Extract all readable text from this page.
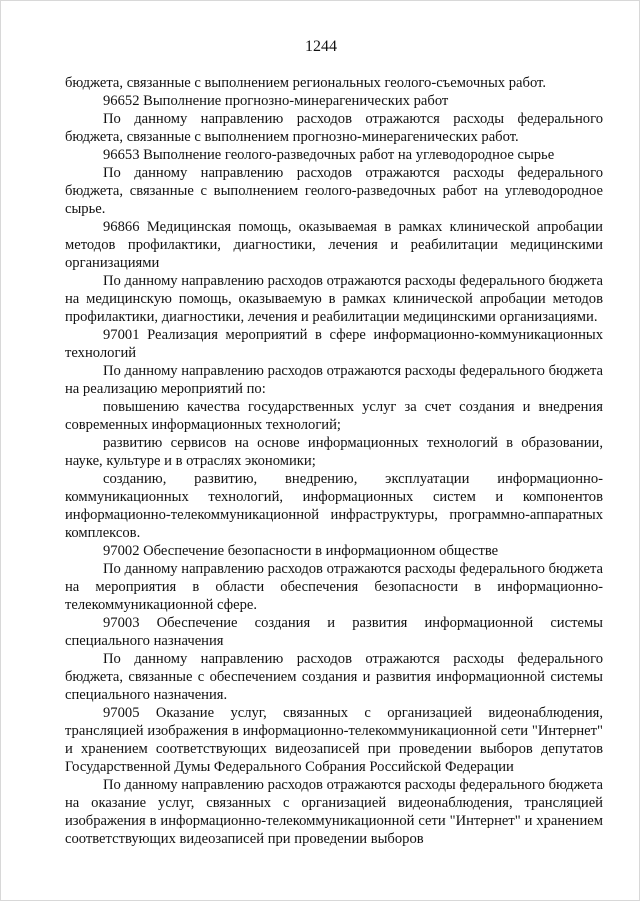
1244

бюджета, связанные с выполнением региональных геолого-съемочных работ.

96652 Выполнение прогнозно-минерагенических работ

По данному направлению расходов отражаются расходы федерального бюджета, связанные с выполнением прогнозно-минерагенических работ.

96653 Выполнение геолого-разведочных работ на углеводородное сырье

По данному направлению расходов отражаются расходы федерального бюджета, связанные с выполнением геолого-разведочных работ на углеводородное сырье.

96866 Медицинская помощь, оказываемая в рамках клинической апробации методов профилактики, диагностики, лечения и реабилитации медицинскими организациями

По данному направлению расходов отражаются расходы федерального бюджета на медицинскую помощь, оказываемую в рамках клинической апробации методов профилактики, диагностики, лечения и реабилитации медицинскими организациями.

97001 Реализация мероприятий в сфере информационно-коммуникационных технологий

По данному направлению расходов отражаются расходы федерального бюджета на реализацию мероприятий по:

повышению качества государственных услуг за счет создания и внедрения современных информационных технологий;

развитию сервисов на основе информационных технологий в образовании, науке, культуре и в отраслях экономики;

созданию, развитию, внедрению, эксплуатации информационно-коммуникационных технологий, информационных систем и компонентов информационно-телекоммуникационной инфраструктуры, программно-аппаратных комплексов.

97002 Обеспечение безопасности в информационном обществе

По данному направлению расходов отражаются расходы федерального бюджета на мероприятия в области обеспечения безопасности в информационно-телекоммуникационной сфере.

97003 Обеспечение создания и развития информационной системы специального назначения

По данному направлению расходов отражаются расходы федерального бюджета, связанные с обеспечением создания и развития информационной системы специального назначения.

97005 Оказание услуг, связанных с организацией видеонаблюдения, трансляцией изображения в информационно-телекоммуникационной сети "Интернет" и хранением соответствующих видеозаписей при проведении выборов депутатов Государственной Думы Федерального Собрания Российской Федерации

По данному направлению расходов отражаются расходы федерального бюджета на оказание услуг, связанных с организацией видеонаблюдения, трансляцией изображения в информационно-телекоммуникационной сети "Интернет" и хранением соответствующих видеозаписей при проведении выборов
